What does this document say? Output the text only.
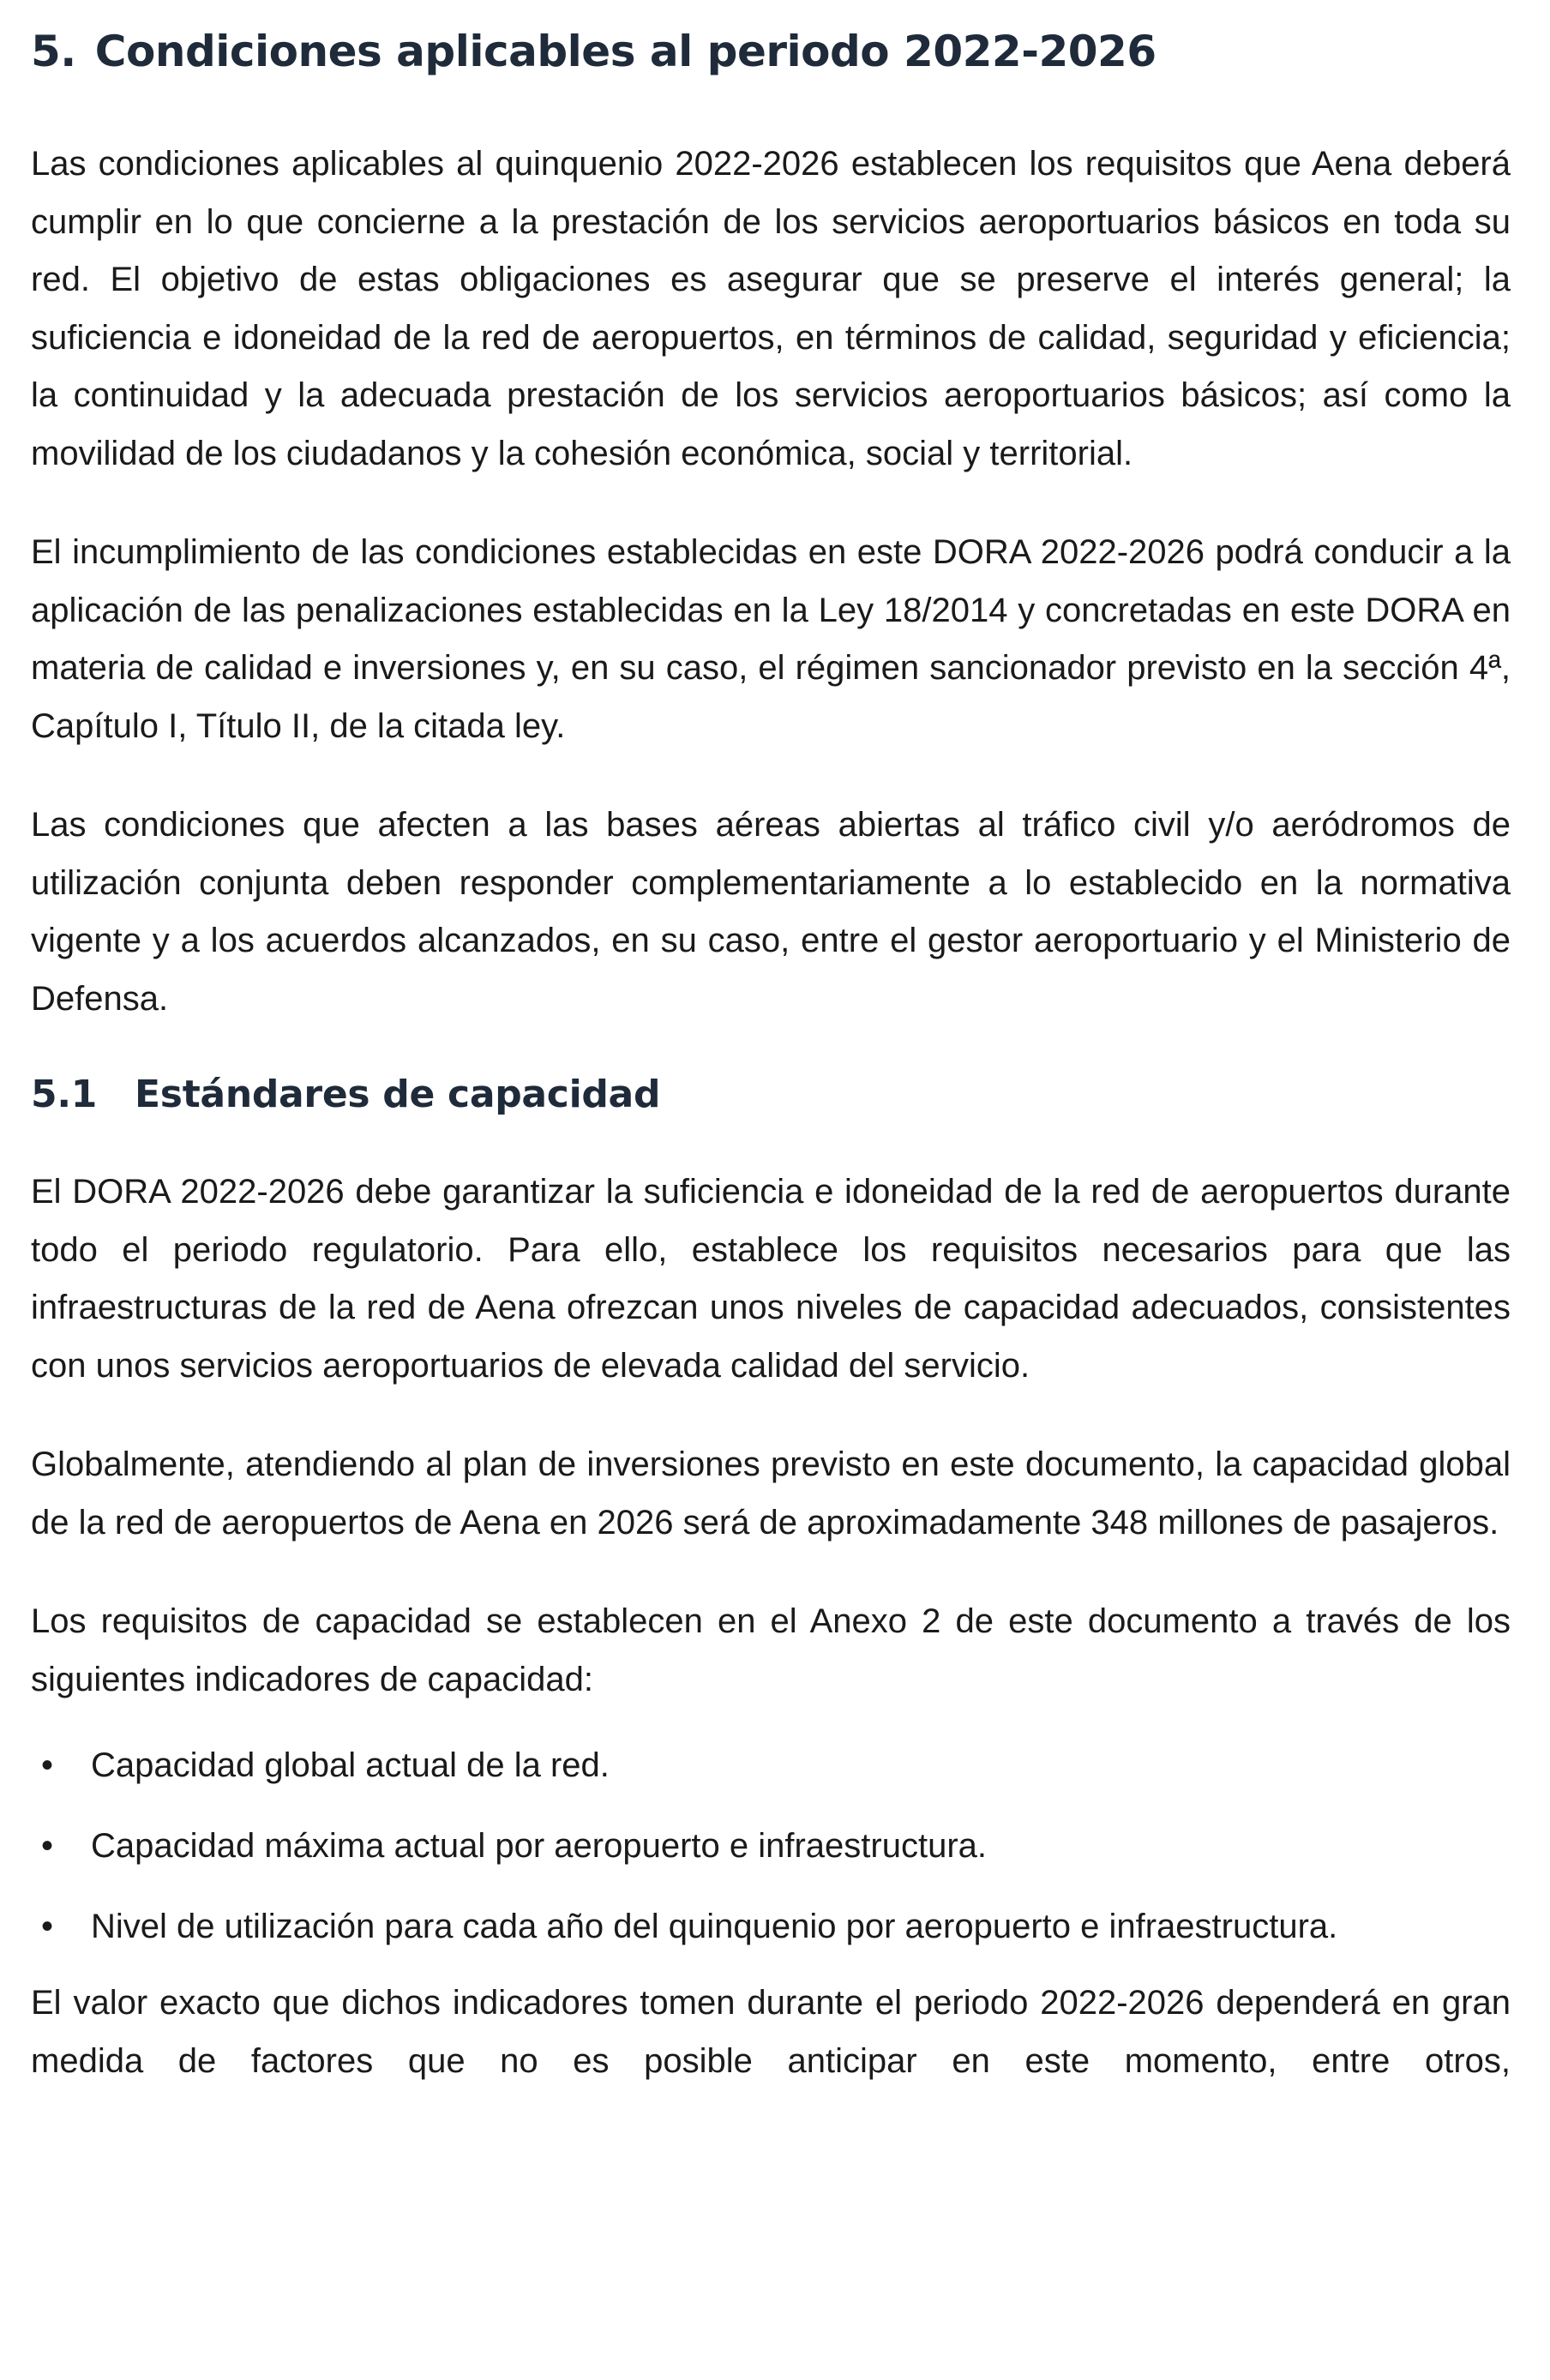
5. Condiciones aplicables al periodo 2022-2026

Las condiciones aplicables al quinquenio 2022-2026 establecen los requisitos que Aena deberá cumplir en lo que concierne a la prestación de los servicios aeroportuarios básicos en toda su red. El objetivo de estas obligaciones es asegurar que se preserve el interés general; la suficiencia e idoneidad de la red de aeropuertos, en términos de calidad, seguridad y eficiencia; la continuidad y la adecuada prestación de los servicios aeroportuarios básicos; así como la movilidad de los ciudadanos y la cohesión económica, social y territorial.

El incumplimiento de las condiciones establecidas en este DORA 2022-2026 podrá conducir a la aplicación de las penalizaciones establecidas en la Ley 18/2014 y concretadas en este DORA en materia de calidad e inversiones y, en su caso, el régimen sancionador previsto en la sección 4ª, Capítulo I, Título II, de la citada ley.

Las condiciones que afecten a las bases aéreas abiertas al tráfico civil y/o aeródromos de utilización conjunta deben responder complementariamente a lo establecido en la normativa vigente y a los acuerdos alcanzados, en su caso, entre el gestor aeroportuario y el Ministerio de Defensa.

5.1 Estándares de capacidad

El DORA 2022-2026 debe garantizar la suficiencia e idoneidad de la red de aeropuertos durante todo el periodo regulatorio. Para ello, establece los requisitos necesarios para que las infraestructuras de la red de Aena ofrezcan unos niveles de capacidad adecuados, consistentes con unos servicios aeroportuarios de elevada calidad del servicio.

Globalmente, atendiendo al plan de inversiones previsto en este documento, la capacidad global de la red de aeropuertos de Aena en 2026 será de aproximadamente 348 millones de pasajeros.

Los requisitos de capacidad se establecen en el Anexo 2 de este documento a través de los siguientes indicadores de capacidad:

• Capacidad global actual de la red.
• Capacidad máxima actual por aeropuerto e infraestructura.
• Nivel de utilización para cada año del quinquenio por aeropuerto e infraestructura.

El valor exacto que dichos indicadores tomen durante el periodo 2022-2026 dependerá en gran medida de factores que no es posible anticipar en este momento, entre otros,
